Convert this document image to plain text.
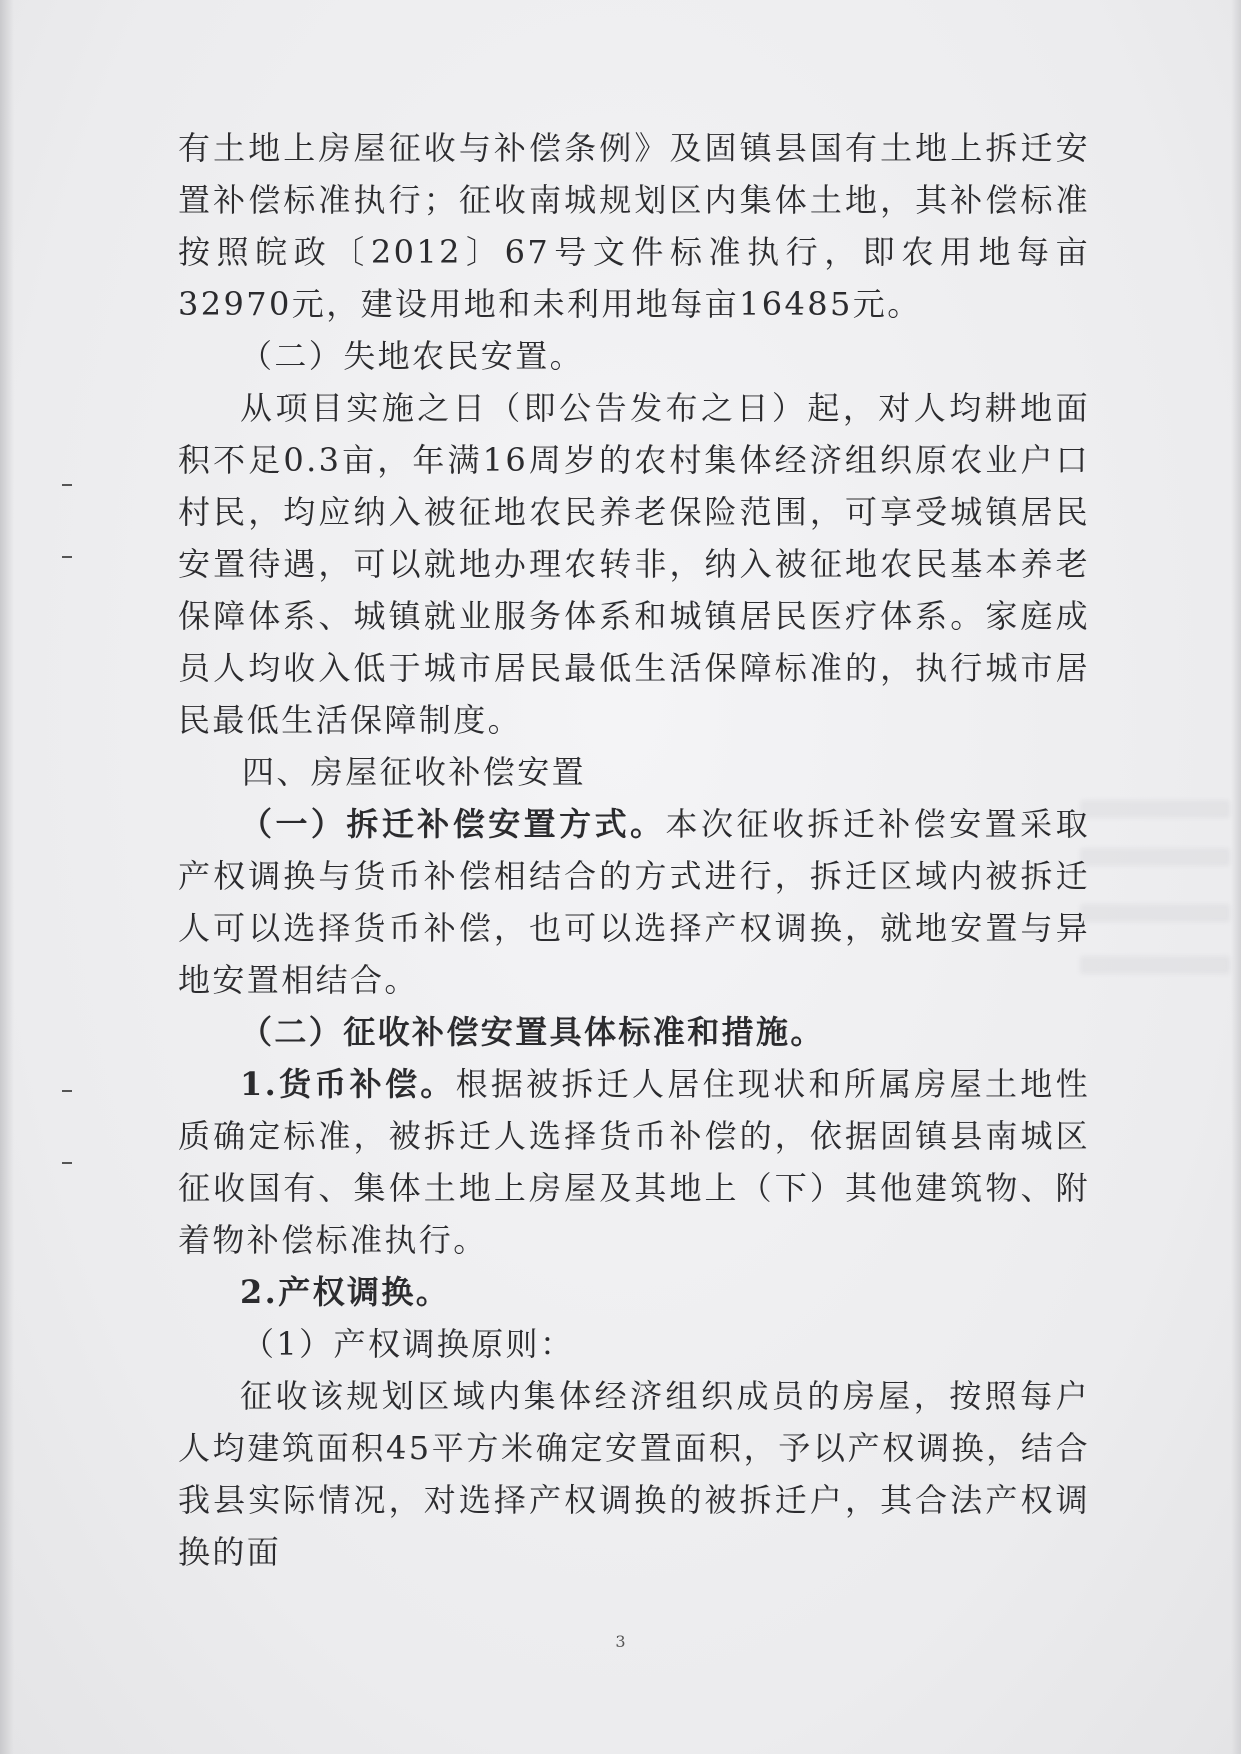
有土地上房屋征收与补偿条例》及固镇县国有土地上拆迁安置补偿标准执行；征收南城规划区内集体土地，其补偿标准按照皖政〔2012〕67号文件标准执行，即农用地每亩32970元，建设用地和未利用地每亩16485元。

（二）失地农民安置。

从项目实施之日（即公告发布之日）起，对人均耕地面积不足0.3亩，年满16周岁的农村集体经济组织原农业户口村民，均应纳入被征地农民养老保险范围，可享受城镇居民安置待遇，可以就地办理农转非，纳入被征地农民基本养老保障体系、城镇就业服务体系和城镇居民医疗体系。家庭成员人均收入低于城市居民最低生活保障标准的，执行城市居民最低生活保障制度。

四、房屋征收补偿安置

（一）拆迁补偿安置方式。本次征收拆迁补偿安置采取产权调换与货币补偿相结合的方式进行，拆迁区域内被拆迁人可以选择货币补偿，也可以选择产权调换，就地安置与异地安置相结合。

（二）征收补偿安置具体标准和措施。

1.货币补偿。根据被拆迁人居住现状和所属房屋土地性质确定标准，被拆迁人选择货币补偿的，依据固镇县南城区征收国有、集体土地上房屋及其地上（下）其他建筑物、附着物补偿标准执行。

2.产权调换。

（1）产权调换原则：

征收该规划区域内集体经济组织成员的房屋，按照每户人均建筑面积45平方米确定安置面积，予以产权调换，结合我县实际情况，对选择产权调换的被拆迁户，其合法产权调换的面

3
